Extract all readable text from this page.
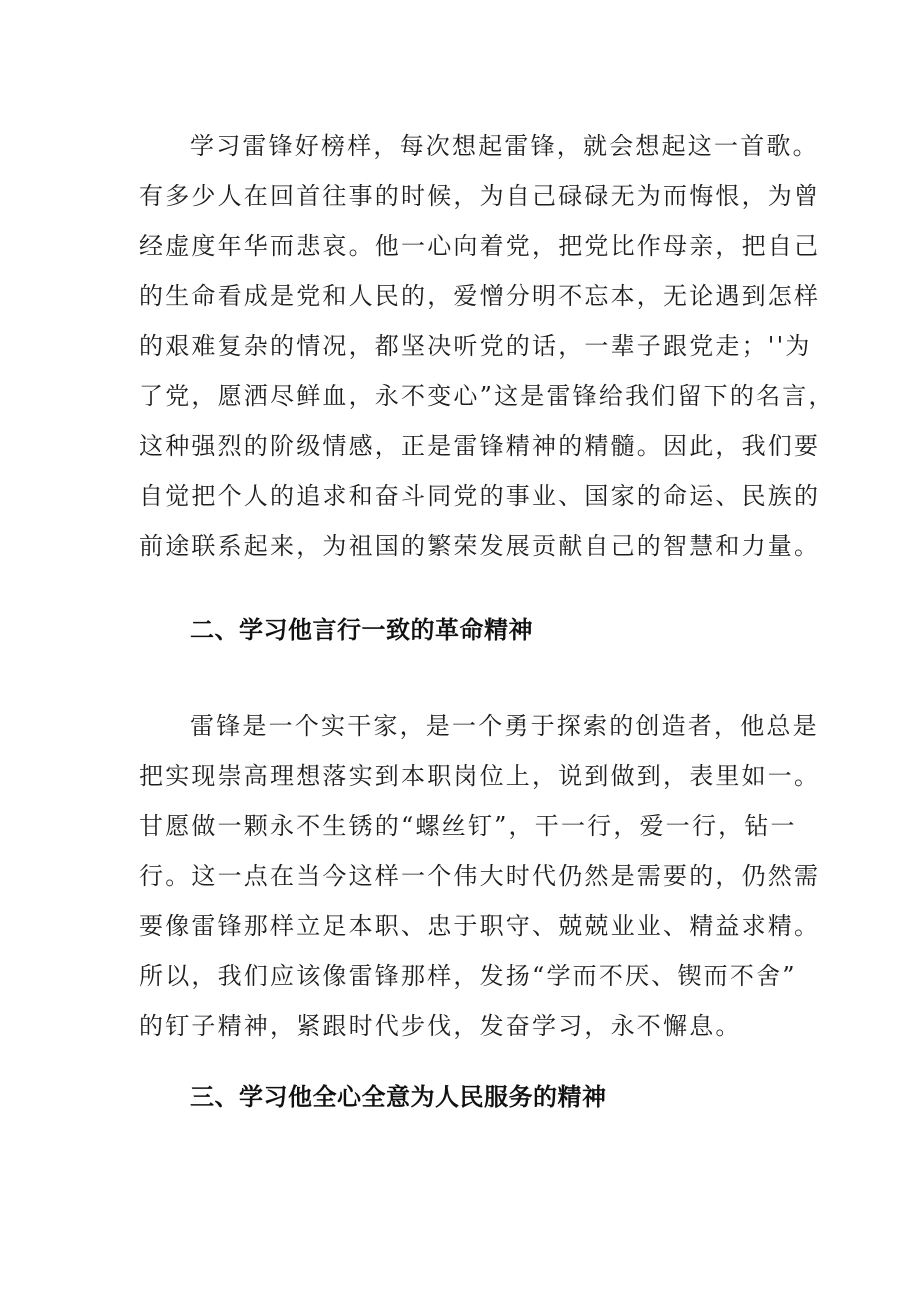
学习雷锋好榜样，每次想起雷锋，就会想起这一首歌。
有多少人在回首往事的时候，为自己碌碌无为而悔恨，为曾
经虚度年华而悲哀。他一心向着党，把党比作母亲，把自己
的生命看成是党和人民的，爱憎分明不忘本，无论遇到怎样
的艰难复杂的情况，都坚决听党的话，一辈子跟党走；''为
了党，愿洒尽鲜血，永不变心”这是雷锋给我们留下的名言，
这种强烈的阶级情感，正是雷锋精神的精髓。因此，我们要
自觉把个人的追求和奋斗同党的事业、国家的命运、民族的
前途联系起来，为祖国的繁荣发展贡献自己的智慧和力量。
二、学习他言行一致的革命精神
雷锋是一个实干家，是一个勇于探索的创造者，他总是
把实现崇高理想落实到本职岗位上，说到做到，表里如一。
甘愿做一颗永不生锈的“螺丝钉”，干一行，爱一行，钻一
行。这一点在当今这样一个伟大时代仍然是需要的，仍然需
要像雷锋那样立足本职、忠于职守、兢兢业业、精益求精。
所以，我们应该像雷锋那样，发扬“学而不厌、锲而不舍”
的钉子精神，紧跟时代步伐，发奋学习，永不懈息。
三、学习他全心全意为人民服务的精神
